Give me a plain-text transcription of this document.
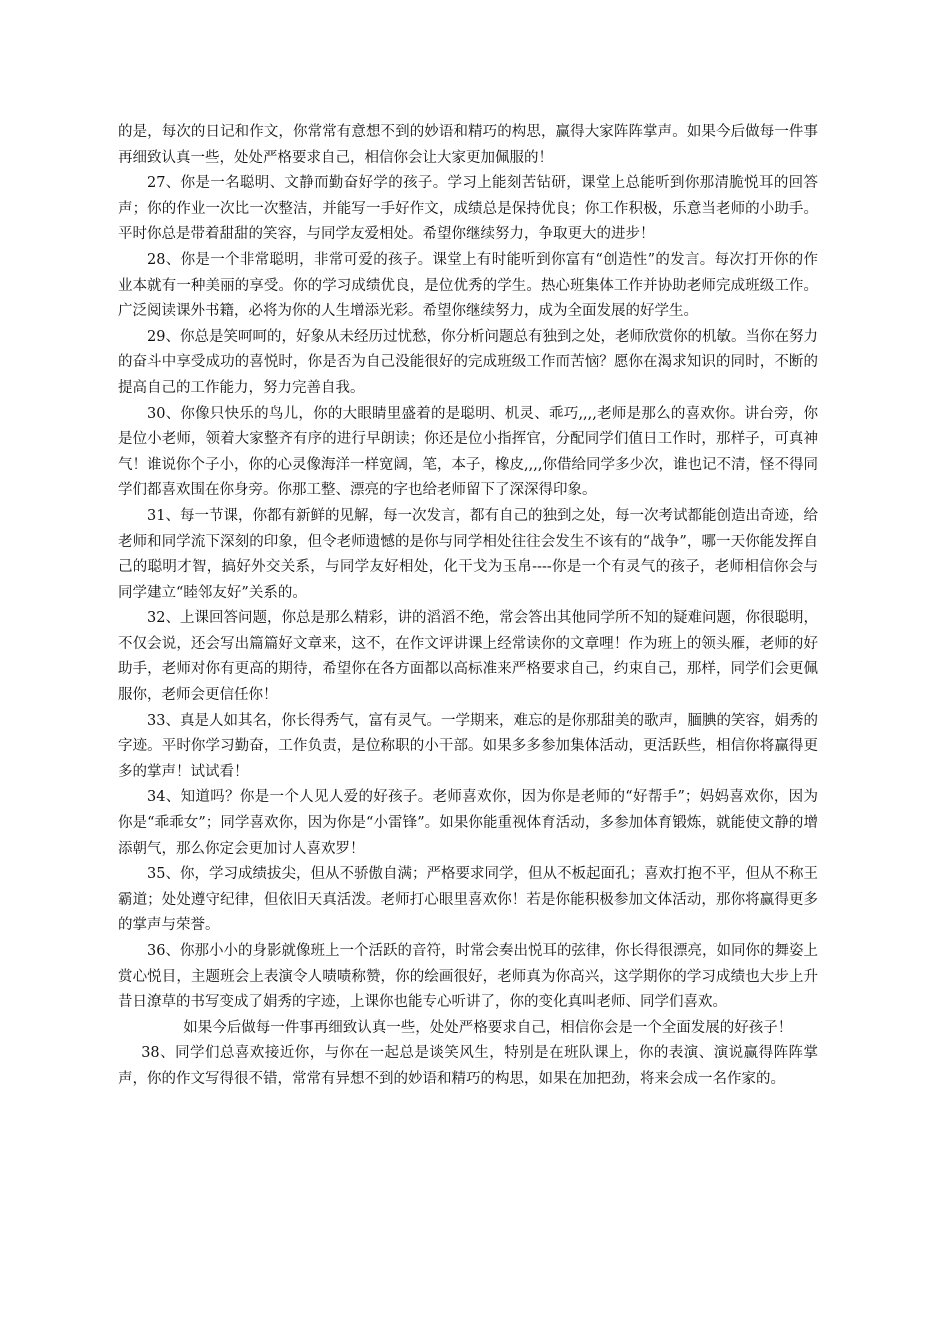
的是，每次的日记和作文，你常常有意想不到的妙语和精巧的构思，赢得大家阵阵掌声。如果今后做每一件事再细致认真一些，处处严格要求自己，相信你会让大家更加佩服的！

27、你是一名聪明、文静而勤奋好学的孩子。学习上能刻苦钻研，课堂上总能听到你那清脆悦耳的回答声；你的作业一次比一次整洁，并能写一手好作文，成绩总是保持优良；你工作积极，乐意当老师的小助手。平时你总是带着甜甜的笑容，与同学友爱相处。希望你继续努力，争取更大的进步！

28、你是一个非常聪明，非常可爱的孩子。课堂上有时能听到你富有“创造性”的发言。每次打开你的作业本就有一种美丽的享受。你的学习成绩优良，是位优秀的学生。热心班集体工作并协助老师完成班级工作。广泛阅读课外书籍，必将为你的人生增添光彩。希望你继续努力，成为全面发展的好学生。

29、你总是笑呵呵的，好象从未经历过忧愁，你分析问题总有独到之处，老师欣赏你的机敏。当你在努力的奋斗中享受成功的喜悦时，你是否为自己没能很好的完成班级工作而苦恼？愿你在渴求知识的同时，不断的提高自己的工作能力，努力完善自我。

30、你像只快乐的鸟儿，你的大眼睛里盛着的是聪明、机灵、乖巧,,,,老师是那么的喜欢你。讲台旁，你是位小老师，领着大家整齐有序的进行早朗读；你还是位小指挥官，分配同学们值日工作时，那样子，可真神气！谁说你个子小，你的心灵像海洋一样宽阔，笔，本子，橡皮,,,,你借给同学多少次，谁也记不清，怪不得同学们都喜欢围在你身旁。你那工整、漂亮的字也给老师留下了深深得印象。

31、每一节课，你都有新鲜的见解，每一次发言，都有自己的独到之处，每一次考试都能创造出奇迹，给老师和同学流下深刻的印象，但令老师遗憾的是你与同学相处往往会发生不该有的“战争”，哪一天你能发挥自己的聪明才智，搞好外交关系，与同学友好相处，化干戈为玉帛----你是一个有灵气的孩子，老师相信你会与同学建立“睦邻友好”关系的。

32、上课回答问题，你总是那么精彩，讲的滔滔不绝，常会答出其他同学所不知的疑难问题，你很聪明，不仅会说，还会写出篇篇好文章来，这不，在作文评讲课上经常读你的文章哩！作为班上的领头雁，老师的好助手，老师对你有更高的期待，希望你在各方面都以高标准来严格要求自己，约束自己，那样，同学们会更佩服你，老师会更信任你！

33、真是人如其名，你长得秀气，富有灵气。一学期来，难忘的是你那甜美的歌声，腼腆的笑容，娟秀的字迹。平时你学习勤奋，工作负责，是位称职的小干部。如果多多参加集体活动，更活跃些，相信你将赢得更多的掌声！试试看！

34、知道吗？你是一个人见人爱的好孩子。老师喜欢你，因为你是老师的“好帮手”；妈妈喜欢你，因为你是“乖乖女”；同学喜欢你，因为你是“小雷锋”。如果你能重视体育活动，多参加体育锻炼，就能使文静的增添朝气，那么你定会更加讨人喜欢罗！

35、你，学习成绩拔尖，但从不骄傲自满；严格要求同学，但从不板起面孔；喜欢打抱不平，但从不称王霸道；处处遵守纪律，但依旧天真活泼。老师打心眼里喜欢你！若是你能积极参加文体活动，那你将赢得更多的掌声与荣誉。

36、你那小小的身影就像班上一个活跃的音符，时常会奏出悦耳的弦律，你长得很漂亮，如同你的舞姿上赏心悦目，主题班会上表演令人啧啧称赞，你的绘画很好，老师真为你高兴，这学期你的学习成绩也大步上升昔日潦草的书写变成了娟秀的字迹，上课你也能专心听讲了，你的变化真叫老师、同学们喜欢。

如果今后做每一件事再细致认真一些，处处严格要求自己，相信你会是一个全面发展的好孩子！

38、同学们总喜欢接近你，与你在一起总是谈笑风生，特别是在班队课上，你的表演、演说赢得阵阵掌声，你的作文写得很不错，常常有异想不到的妙语和精巧的构思，如果在加把劲，将来会成一名作家的。
